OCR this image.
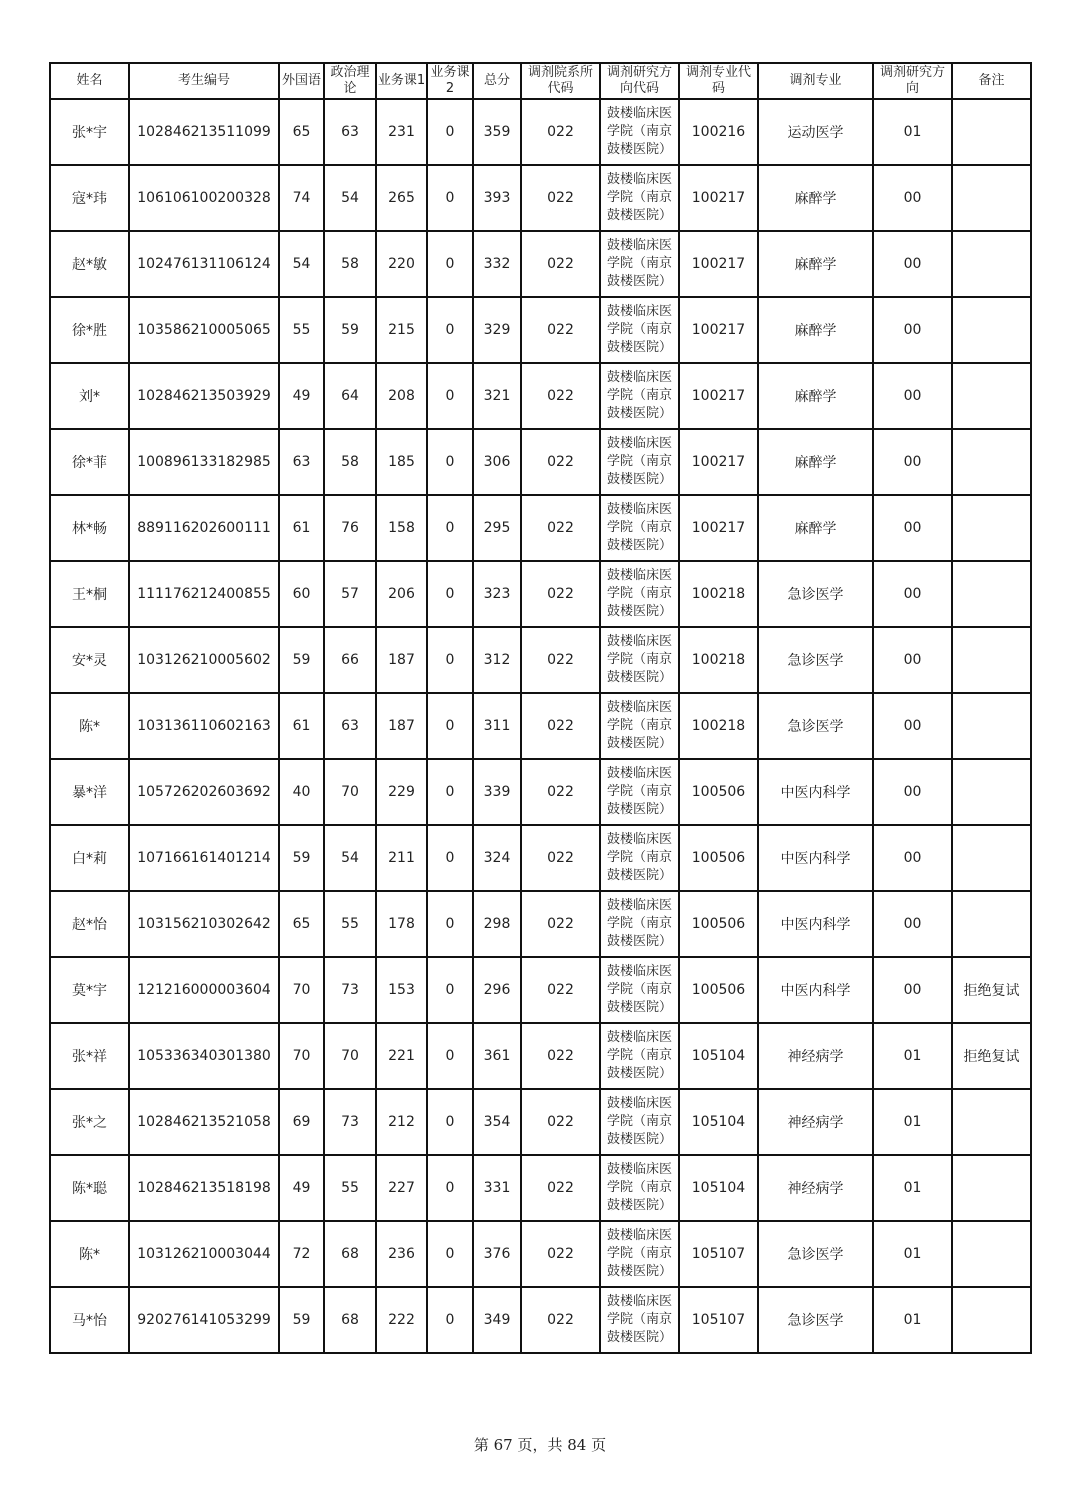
姓名	考生编号	外国语	政治理论	业务课1	业务课2	总分	调剂院系所代码	调剂研究方向代码	调剂专业代码	调剂专业	调剂研究方向	备注
张*宇	102846213511099	65	63	231	0	359	022	鼓楼临床医学院（南京鼓楼医院）	100216	运动医学	01	
寇*玮	106106100200328	74	54	265	0	393	022	鼓楼临床医学院（南京鼓楼医院）	100217	麻醉学	00	
赵*敏	102476131106124	54	58	220	0	332	022	鼓楼临床医学院（南京鼓楼医院）	100217	麻醉学	00	
徐*胜	103586210005065	55	59	215	0	329	022	鼓楼临床医学院（南京鼓楼医院）	100217	麻醉学	00	
刘*	102846213503929	49	64	208	0	321	022	鼓楼临床医学院（南京鼓楼医院）	100217	麻醉学	00	
徐*菲	100896133182985	63	58	185	0	306	022	鼓楼临床医学院（南京鼓楼医院）	100217	麻醉学	00	
林*畅	889116202600111	61	76	158	0	295	022	鼓楼临床医学院（南京鼓楼医院）	100217	麻醉学	00	
王*桐	111176212400855	60	57	206	0	323	022	鼓楼临床医学院（南京鼓楼医院）	100218	急诊医学	00	
安*灵	103126210005602	59	66	187	0	312	022	鼓楼临床医学院（南京鼓楼医院）	100218	急诊医学	00	
陈*	103136110602163	61	63	187	0	311	022	鼓楼临床医学院（南京鼓楼医院）	100218	急诊医学	00	
暴*洋	105726202603692	40	70	229	0	339	022	鼓楼临床医学院（南京鼓楼医院）	100506	中医内科学	00	
白*莉	107166161401214	59	54	211	0	324	022	鼓楼临床医学院（南京鼓楼医院）	100506	中医内科学	00	
赵*怡	103156210302642	65	55	178	0	298	022	鼓楼临床医学院（南京鼓楼医院）	100506	中医内科学	00	
莫*宇	121216000003604	70	73	153	0	296	022	鼓楼临床医学院（南京鼓楼医院）	100506	中医内科学	00	拒绝复试
张*祥	105336340301380	70	70	221	0	361	022	鼓楼临床医学院（南京鼓楼医院）	105104	神经病学	01	拒绝复试
张*之	102846213521058	69	73	212	0	354	022	鼓楼临床医学院（南京鼓楼医院）	105104	神经病学	01	
陈*聪	102846213518198	49	55	227	0	331	022	鼓楼临床医学院（南京鼓楼医院）	105104	神经病学	01	
陈*	103126210003044	72	68	236	0	376	022	鼓楼临床医学院（南京鼓楼医院）	105107	急诊医学	01	
马*怡	920276141053299	59	68	222	0	349	022	鼓楼临床医学院（南京鼓楼医院）	105107	急诊医学	01	
第 67 页，共 84 页
